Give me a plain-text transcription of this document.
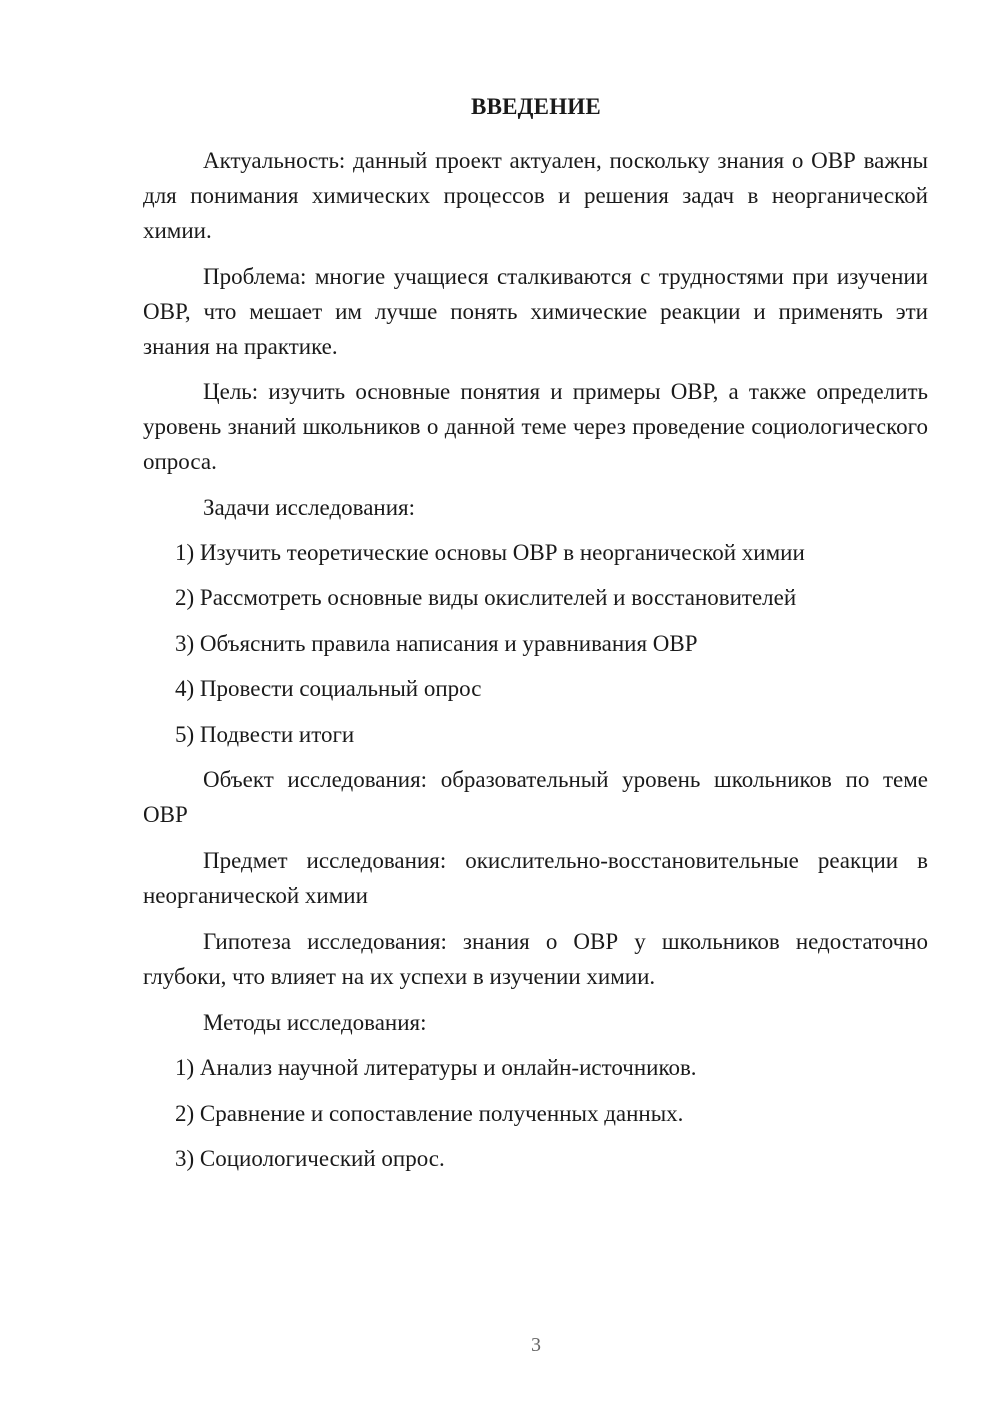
ВВЕДЕНИЕ
Актуальность: данный проект актуален, поскольку знания о ОВР важны для понимания химических процессов и решения задач в неорганической химии.
Проблема: многие учащиеся сталкиваются с трудностями при изучении ОВР, что мешает им лучше понять химические реакции и применять эти знания на практике.
Цель: изучить основные понятия и примеры ОВР, а также определить уровень знаний школьников о данной теме через проведение социологического опроса.
Задачи исследования:
1) Изучить теоретические основы ОВР в неорганической химии
2) Рассмотреть основные виды окислителей и восстановителей
3) Объяснить правила написания и уравнивания ОВР
4) Провести социальный опрос
5) Подвести итоги
Объект исследования: образовательный уровень школьников по теме ОВР
Предмет исследования: окислительно-восстановительные реакции в неорганической химии
Гипотеза исследования: знания о ОВР у школьников недостаточно глубоки, что влияет на их успехи в изучении химии.
Методы исследования:
1) Анализ научной литературы и онлайн-источников.
2) Сравнение и сопоставление полученных данных.
3) Социологический опрос.
3
